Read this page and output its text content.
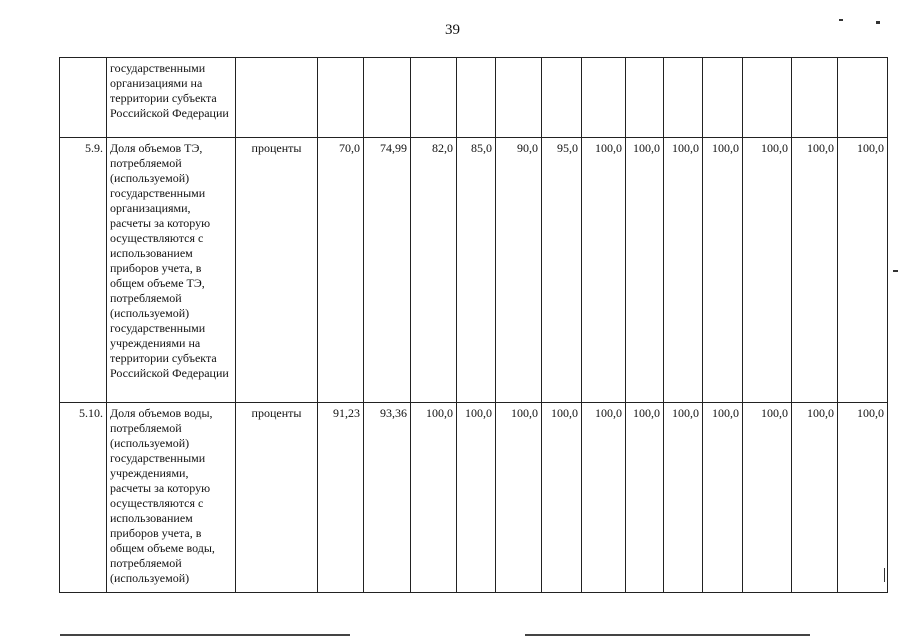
39
	государственными организациями на территории субъекта Российской Федерации														
5.9.	Доля объемов ТЭ, потребляемой (используемой) государственными организациями, расчеты за которую осуществляются с использованием приборов учета, в общем объеме ТЭ, потребляемой (используемой) государственными учреждениями на территории субъекта Российской Федерации	проценты	70,0	74,99	82,0	85,0	90,0	95,0	100,0	100,0	100,0	100,0	100,0	100,0	100,0
5.10.	Доля объемов воды, потребляемой (используемой) государственными учреждениями, расчеты за которую осуществляются с использованием приборов учета, в общем объеме воды, потребляемой (используемой)	проценты	91,23	93,36	100,0	100,0	100,0	100,0	100,0	100,0	100,0	100,0	100,0	100,0	100,0
